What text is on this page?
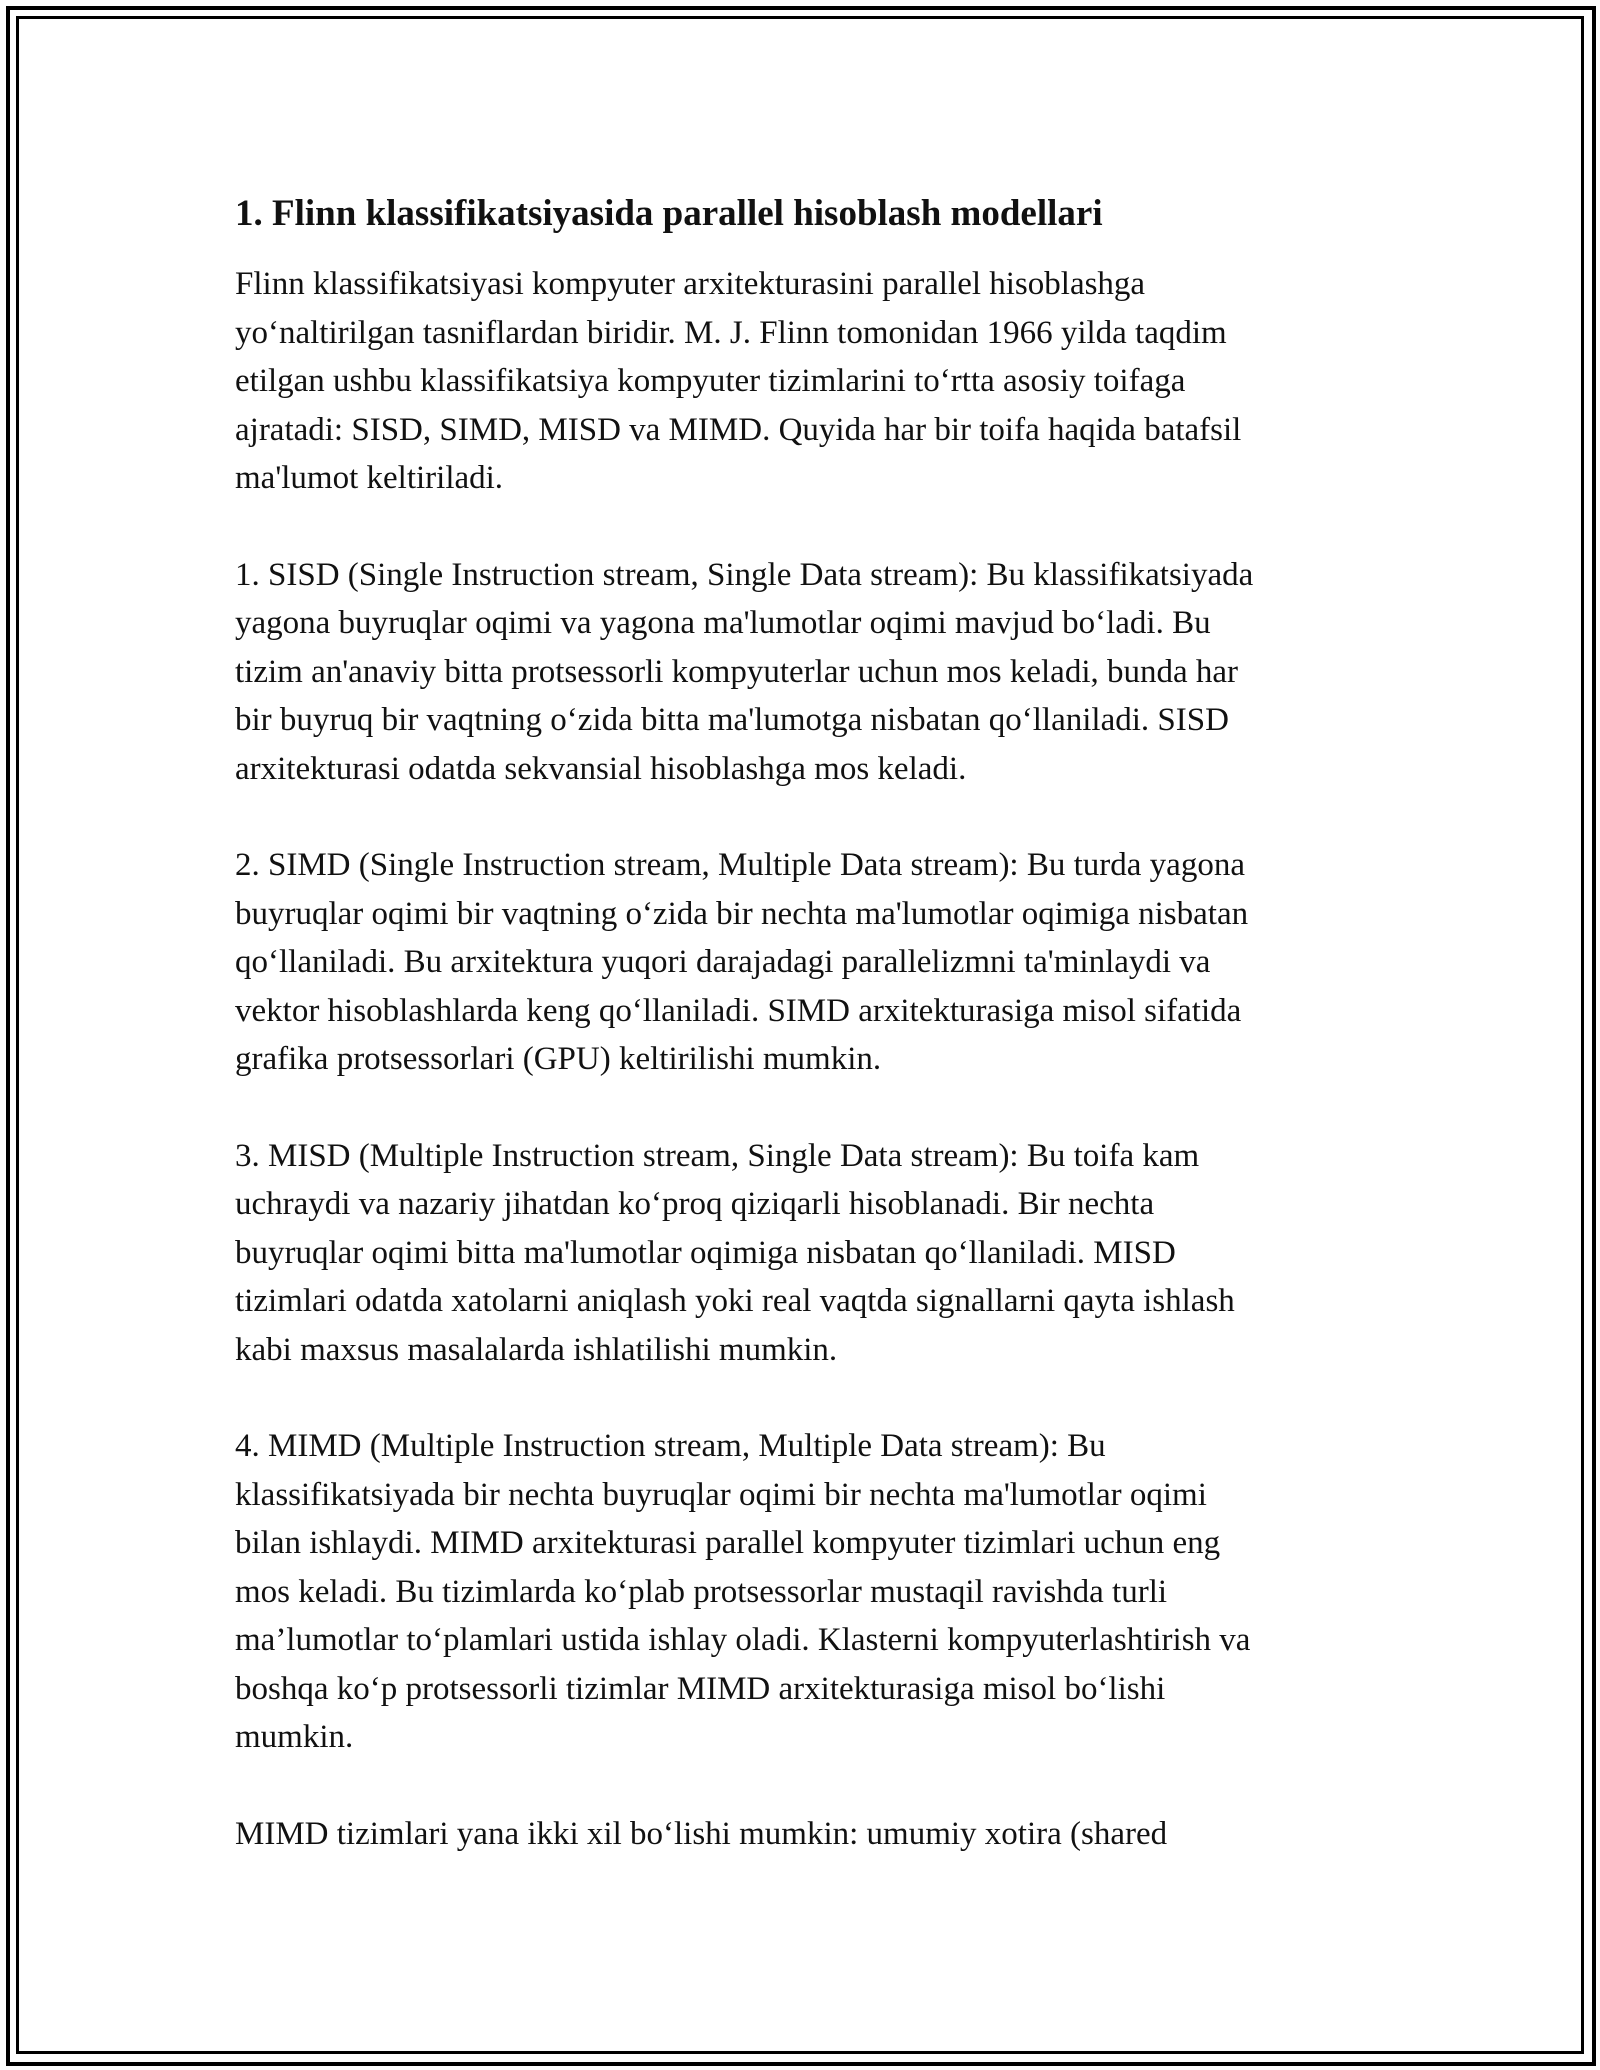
1. Flinn klassifikatsiyasida parallel hisoblash modellari

Flinn klassifikatsiyasi kompyuter arxitekturasini parallel hisoblashga
yo‘naltirilgan tasniflardan biridir. M. J. Flinn tomonidan 1966 yilda taqdim
etilgan ushbu klassifikatsiya kompyuter tizimlarini to‘rtta asosiy toifaga
ajratadi: SISD, SIMD, MISD va MIMD. Quyida har bir toifa haqida batafsil
ma'lumot keltiriladi.

1. SISD (Single Instruction stream, Single Data stream): Bu klassifikatsiyada
yagona buyruqlar oqimi va yagona ma'lumotlar oqimi mavjud bo‘ladi. Bu
tizim an'anaviy bitta protsessorli kompyuterlar uchun mos keladi, bunda har
bir buyruq bir vaqtning o‘zida bitta ma'lumotga nisbatan qo‘llaniladi. SISD
arxitekturasi odatda sekvansial hisoblashga mos keladi.

2. SIMD (Single Instruction stream, Multiple Data stream): Bu turda yagona
buyruqlar oqimi bir vaqtning o‘zida bir nechta ma'lumotlar oqimiga nisbatan
qo‘llaniladi. Bu arxitektura yuqori darajadagi parallelizmni ta'minlaydi va
vektor hisoblashlarda keng qo‘llaniladi. SIMD arxitekturasiga misol sifatida
grafika protsessorlari (GPU) keltirilishi mumkin.

3. MISD (Multiple Instruction stream, Single Data stream): Bu toifa kam
uchraydi va nazariy jihatdan ko‘proq qiziqarli hisoblanadi. Bir nechta
buyruqlar oqimi bitta ma'lumotlar oqimiga nisbatan qo‘llaniladi. MISD
tizimlari odatda xatolarni aniqlash yoki real vaqtda signallarni qayta ishlash
kabi maxsus masalalarda ishlatilishi mumkin.

4. MIMD (Multiple Instruction stream, Multiple Data stream): Bu
klassifikatsiyada bir nechta buyruqlar oqimi bir nechta ma'lumotlar oqimi
bilan ishlaydi. MIMD arxitekturasi parallel kompyuter tizimlari uchun eng
mos keladi. Bu tizimlarda ko‘plab protsessorlar mustaqil ravishda turli
ma’lumotlar to‘plamlari ustida ishlay oladi. Klasterni kompyuterlashtirish va
boshqa ko‘p protsessorli tizimlar MIMD arxitekturasiga misol bo‘lishi
mumkin.

MIMD tizimlari yana ikki xil bo‘lishi mumkin: umumiy xotira (shared
